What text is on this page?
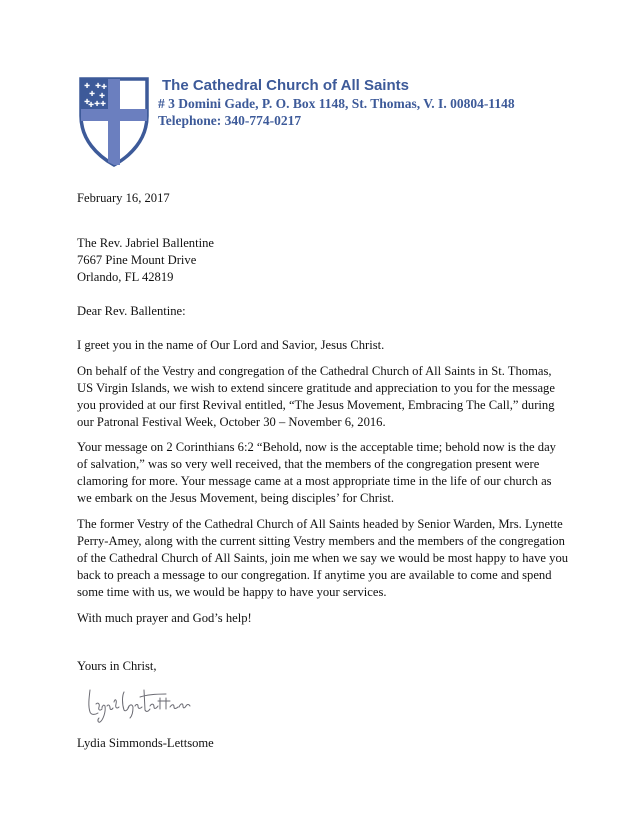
✚ ✚
✚ ✚
✚ ✚
✚
✚ ✚
The Cathedral Church of All Saints
# 3 Domini Gade, P. O. Box 1148, St. Thomas, V. I. 00804-1148
Telephone: 340-774-0217
February 16, 2017

The Rev. Jabriel Ballentine

7667 Pine Mount Drive

Orlando, FL 42819

Dear Rev. Ballentine:

I greet you in the name of Our Lord and Savior, Jesus Christ.

On behalf of the Vestry and congregation of the Cathedral Church of All Saints in St. Thomas,

US Virgin Islands, we wish to extend sincere gratitude and appreciation to you for the message

you provided at our first Revival entitled, “The Jesus Movement, Embracing The Call,” during

our Patronal Festival Week, October 30 – November 6, 2016.

Your message on 2 Corinthians 6:2 “Behold, now is the acceptable time; behold now is the day

of salvation,” was so very well received, that the members of the congregation present were

clamoring for more. Your message came at a most appropriate time in the life of our church as

we embark on the Jesus Movement, being disciples’ for Christ.

The former Vestry of the Cathedral Church of All Saints headed by Senior Warden, Mrs. Lynette

Perry-Amey, along with the current sitting Vestry members and the members of the congregation

of the Cathedral Church of All Saints, join me when we say we would be most happy to have you

back to preach a message to our congregation. If anytime you are available to come and spend

some time with us, we would be happy to have your services.

With much prayer and God’s help!

Yours in Christ,
Lydia Simmonds-Lettsome
